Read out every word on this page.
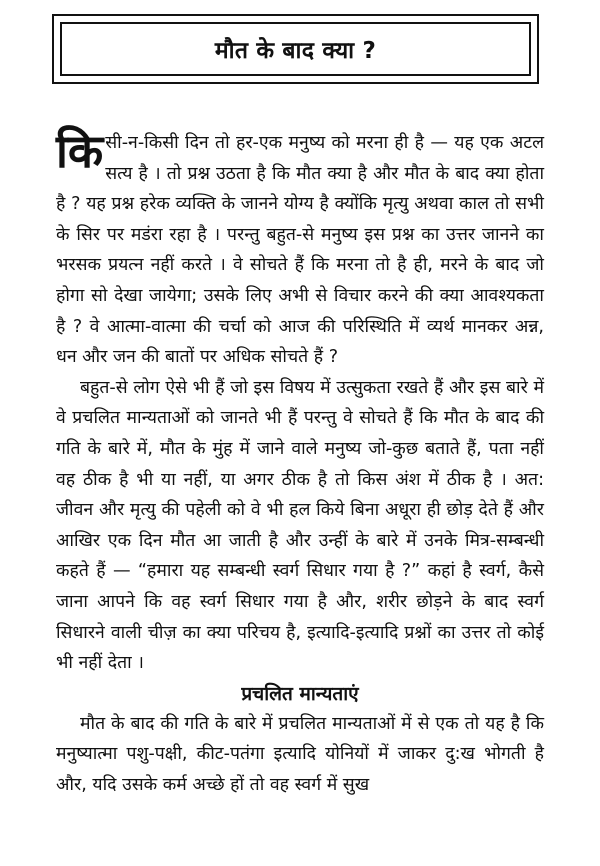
मौत के बाद क्या ?

किसी-न-किसी दिन तो हर-एक मनुष्य को मरना ही है — यह एक अटल सत्य है । तो प्रश्न उठता है कि मौत क्या है और मौत के बाद क्या होता है ? यह प्रश्न हरेक व्यक्ति के जानने योग्य है क्योंकि मृत्यु अथवा काल तो सभी के सिर पर मडंरा रहा है । परन्तु बहुत-से मनुष्य इस प्रश्न का उत्तर जानने का भरसक प्रयत्न नहीं करते । वे सोचते हैं कि मरना तो है ही, मरने के बाद जो होगा सो देखा जायेगा; उसके लिए अभी से विचार करने की क्या आवश्यकता है ? वे आत्मा-वात्मा की चर्चा को आज की परिस्थिति में व्यर्थ मानकर अन्न, धन और जन की बातों पर अधिक सोचते हैं ?

बहुत-से लोग ऐसे भी हैं जो इस विषय में उत्सुकता रखते हैं और इस बारे में वे प्रचलित मान्यताओं को जानते भी हैं परन्तु वे सोचते हैं कि मौत के बाद की गति के बारे में, मौत के मुंह में जाने वाले मनुष्य जो-कुछ बताते हैं, पता नहीं वह ठीक है भी या नहीं, या अगर ठीक है तो किस अंश में ठीक है । अत: जीवन और मृत्यु की पहेली को वे भी हल किये बिना अधूरा ही छोड़ देते हैं और आखिर एक दिन मौत आ जाती है और उन्हीं के बारे में उनके मित्र-सम्बन्धी कहते हैं — “हमारा यह सम्बन्धी स्वर्ग सिधार गया है ?” कहां है स्वर्ग, कैसे जाना आपने कि वह स्वर्ग सिधार गया है और, शरीर छोड़ने के बाद स्वर्ग सिधारने वाली चीज़ का क्या परिचय है, इत्यादि-इत्यादि प्रश्नों का उत्तर तो कोई भी नहीं देता ।

प्रचलित मान्यताएं

मौत के बाद की गति के बारे में प्रचलित मान्यताओं में से एक तो यह है कि मनुष्यात्मा पशु-पक्षी, कीट-पतंगा इत्यादि योनियों में जाकर दु:ख भोगती है और, यदि उसके कर्म अच्छे हों तो वह स्वर्ग में सुख
